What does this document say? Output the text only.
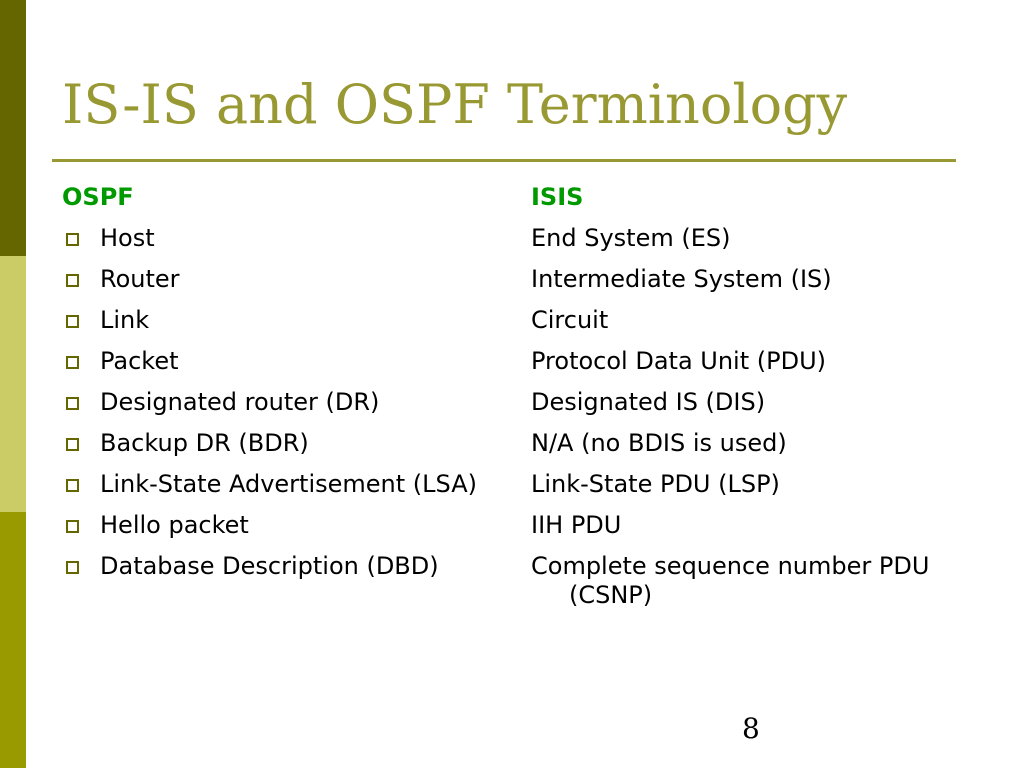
IS-IS and OSPF Terminology
OSPF
Host
Router
Link
Packet
Designated router (DR)
Backup DR (BDR)
Link-State Advertisement (LSA)
Hello packet
Database Description (DBD)
ISIS
End System (ES)
Intermediate System (IS)
Circuit
Protocol Data Unit (PDU)
Designated IS (DIS)
N/A (no BDIS is used)
Link-State PDU (LSP)
IIH PDU
Complete sequence number PDU (CSNP)
8
